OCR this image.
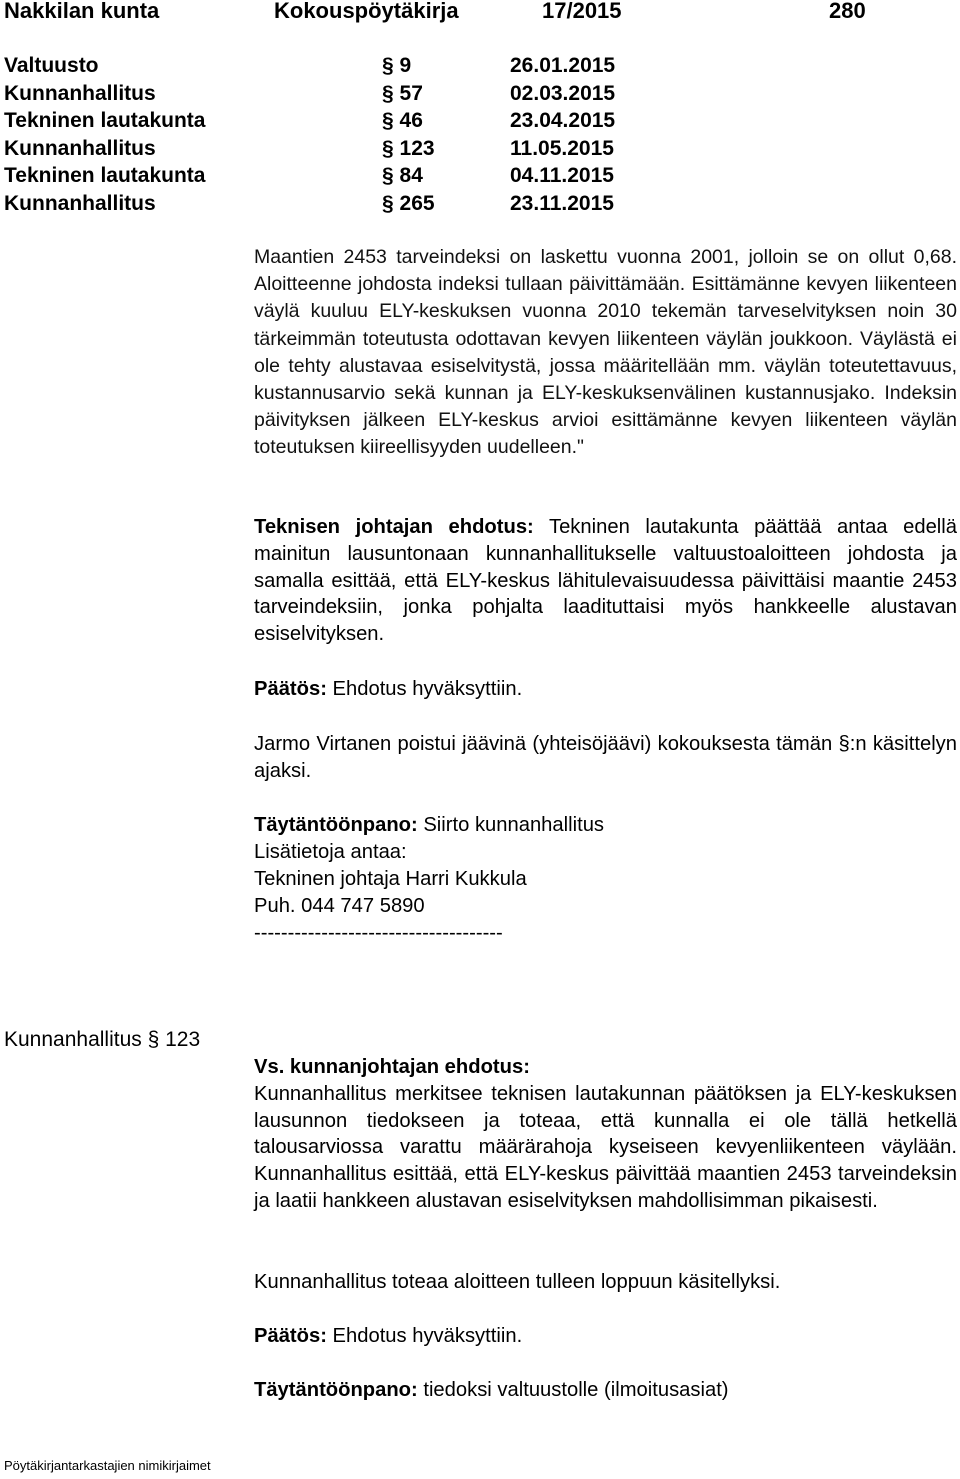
Nakkilan kunta	Kokouspöytäkirja	17/2015	280
Valtuusto	§ 9	26.01.2015
Kunnanhallitus	§ 57	02.03.2015
Tekninen lautakunta	§ 46	23.04.2015
Kunnanhallitus	§ 123	11.05.2015
Tekninen lautakunta	§ 84	04.11.2015
Kunnanhallitus	§ 265	23.11.2015

Maantien 2453 tarveindeksi on laskettu vuonna 2001, jolloin se on ollut 0,68. Aloitteenne johdosta indeksi tullaan päivittämään. Esittämänne kevyen liikenteen väylä kuuluu ELY-keskuksen vuonna 2010 tekemän tarveselvityksen noin 30 tärkeimmän toteutusta odottavan kevyen liikenteen väylän joukkoon. Väylästä ei ole tehty alustavaa esiselvitystä, jossa määritellään mm. väylän toteutettavuus, kustannusarvio sekä kunnan ja ELY-keskuksenvälinen kustannusjako. Indeksin päivityksen jälkeen ELY-keskus arvioi esittämänne kevyen liikenteen väylän toteutuksen kiireellisyyden uudelleen."

Teknisen johtajan ehdotus: Tekninen lautakunta päättää antaa edellä mainitun lausuntonaan kunnanhallitukselle valtuustoaloitteen johdosta ja samalla esittää, että ELY-keskus lähitulevaisuudessa päivittäisi maantie 2453 tarveindeksiin, jonka pohjalta laadituttaisi myös hankkeelle alustavan esiselvityksen.

Päätös: Ehdotus hyväksyttiin.

Jarmo Virtanen poistui jäävinä (yhteisöjäävi) kokouksesta tämän §:n käsittelyn ajaksi.

Täytäntöönpano: Siirto kunnanhallitus
Lisätietoja antaa:
Tekninen johtaja Harri Kukkula
Puh. 044 747 5890
-------------------------------------
Kunnanhallitus § 123
Vs. kunnanjohtajan ehdotus:

Kunnanhallitus merkitsee teknisen lautakunnan päätöksen ja ELY-keskuksen lausunnon tiedokseen ja toteaa, että kunnalla ei ole tällä hetkellä talousarviossa varattu määrärahoja kyseiseen kevyenliikenteen väylään. Kunnanhallitus esittää, että ELY-keskus päivittää maantien 2453 tarveindeksin ja laatii hankkeen alustavan esiselvityksen mahdollisimman pikaisesti.

Kunnanhallitus toteaa aloitteen tulleen loppuun käsitellyksi.
Päätös: Ehdotus hyväksyttiin.
Täytäntöönpano: tiedoksi valtuustolle (ilmoitusasiat)
Pöytäkirjantarkastajien nimikirjaimet
